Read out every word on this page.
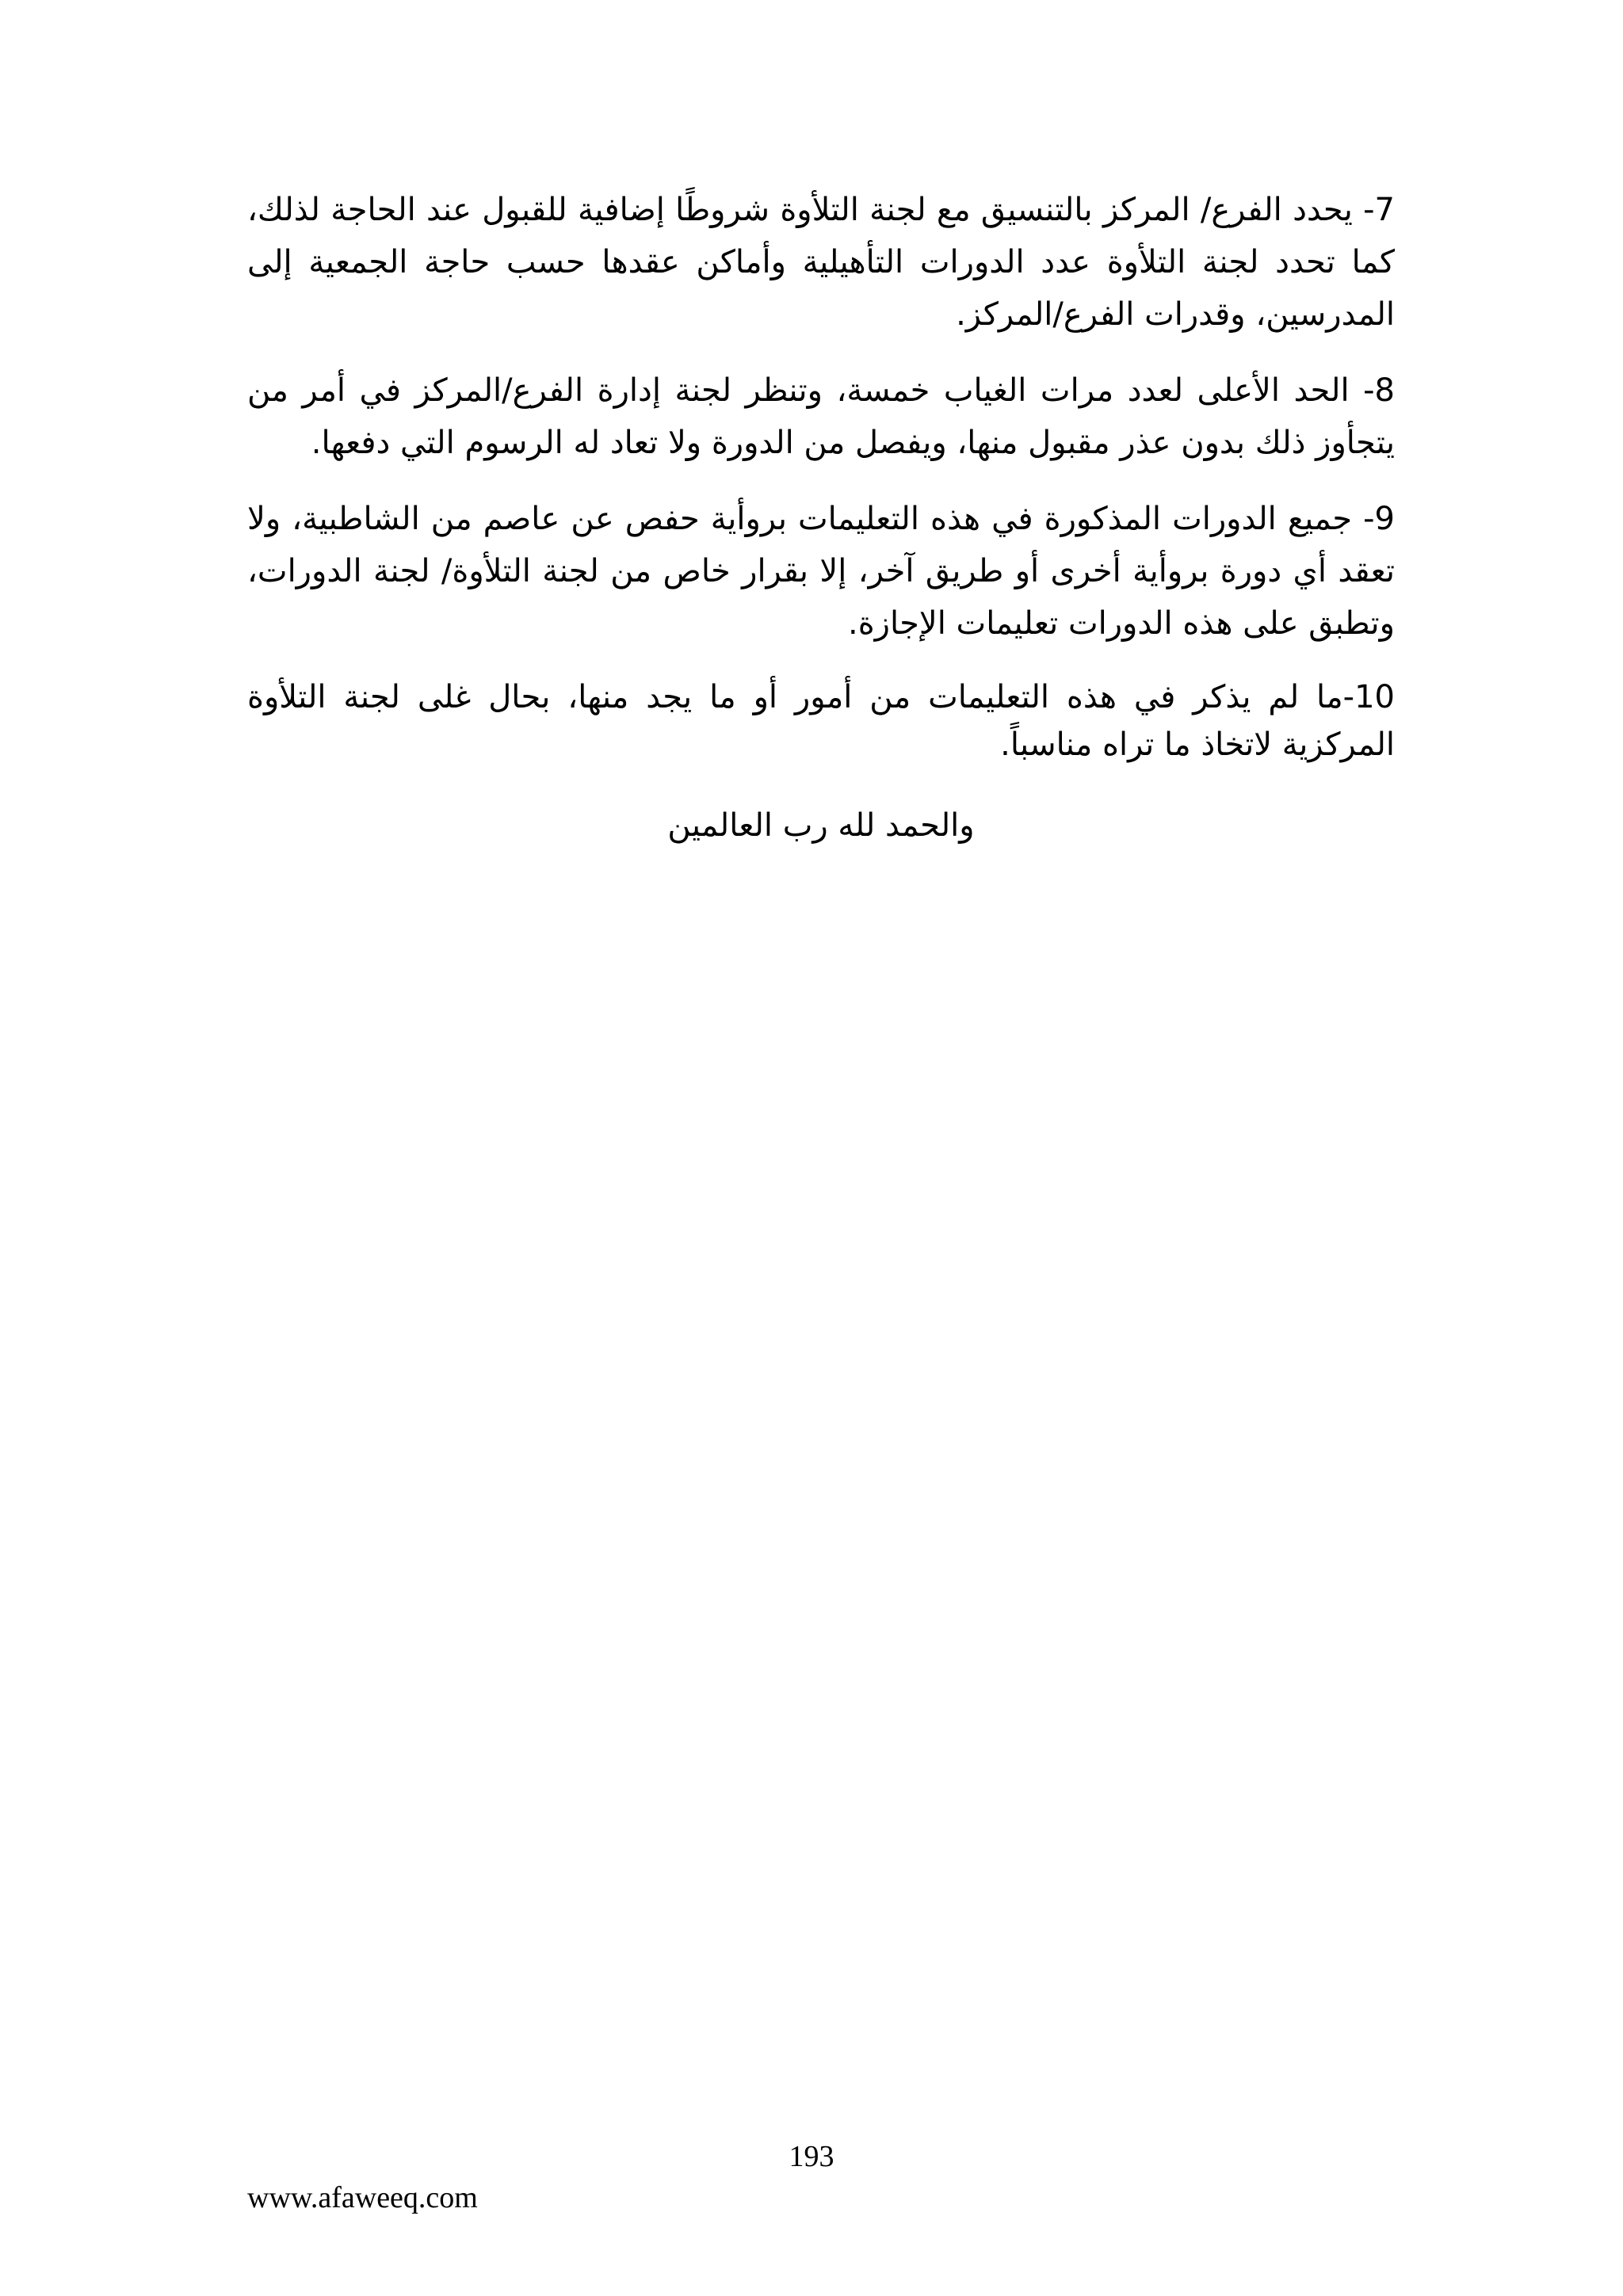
7- يحدد الفرع/ المركز بالتنسيق مع لجنة التلأوة شروطًا إضافية للقبول عند الحاجة لذلك، كما تحدد لجنة التلأوة عدد الدورات التأهيلية وأماكن عقدها حسب حاجة الجمعية إلى المدرسين، وقدرات الفرع/المركز.

8- الحد الأعلى لعدد مرات الغياب خمسة، وتنظر لجنة إدارة الفرع/المركز في أمر من يتجأوز ذلك بدون عذر مقبول منها، ويفصل من الدورة ولا تعاد له الرسوم التي دفعها.

9- جميع الدورات المذكورة في هذه التعليمات بروأية حفص عن عاصم من الشاطبية، ولا تعقد أي دورة بروأية أخرى أو طريق آخر، إلا بقرار خاص من لجنة التلأوة/ لجنة الدورات، وتطبق على هذه الدورات تعليمات الإجازة.

10-ما لم يذكر في هذه التعليمات من أمور أو ما يجد منها، بحال غلى لجنة التلأوة المركزية لاتخاذ ما تراه مناسباً.

والحمد لله رب العالمين
193
www.afaweeq.com
